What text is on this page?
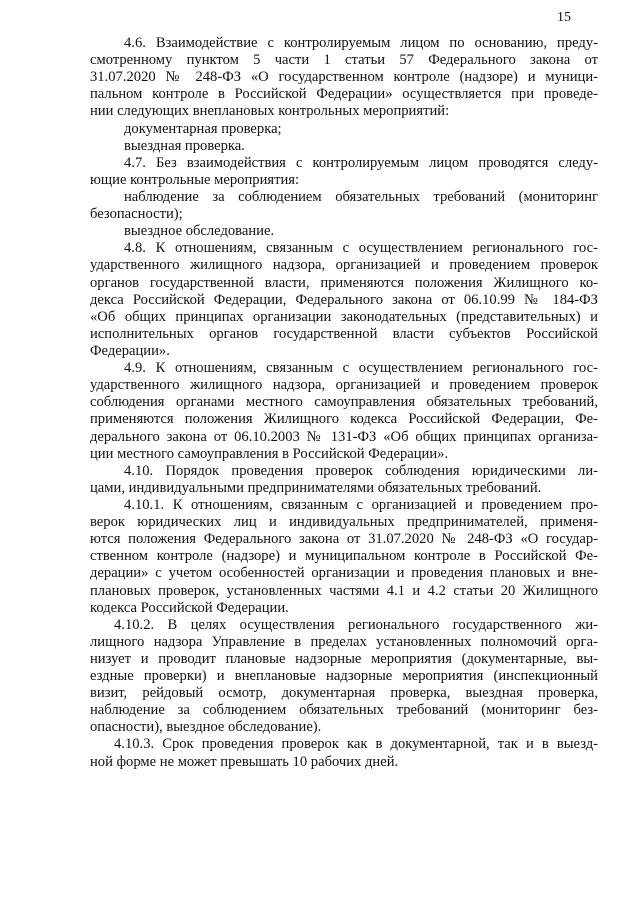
15
4.6. Взаимодействие с контролируемым лицом по основанию, преду-
смотренному пунктом 5 части 1 статьи 57 Федерального закона от
31.07.2020 № 248-ФЗ «О государственном контроле (надзоре) и муници-
пальном контроле в Российской Федерации» осуществляется при проведе-
нии следующих внеплановых контрольных мероприятий:
документарная проверка;
выездная проверка.
4.7. Без взаимодействия с контролируемым лицом проводятся следу-
ющие контрольные мероприятия:
наблюдение за соблюдением обязательных требований (мониторинг
безопасности);
выездное обследование.
4.8. К отношениям, связанным с осуществлением регионального гос-
ударственного жилищного надзора, организацией и проведением проверок
органов государственной власти, применяются положения Жилищного ко-
декса Российской Федерации, Федерального закона от 06.10.99 № 184-ФЗ
«Об общих принципах организации законодательных (представительных) и
исполнительных органов государственной власти субъектов Российской
Федерации».
4.9. К отношениям, связанным с осуществлением регионального гос-
ударственного жилищного надзора, организацией и проведением проверок
соблюдения органами местного самоуправления обязательных требований,
применяются положения Жилищного кодекса Российской Федерации, Фе-
дерального закона от 06.10.2003 № 131-ФЗ «Об общих принципах организа-
ции местного самоуправления в Российской Федерации».
4.10. Порядок проведения проверок соблюдения юридическими ли-
цами, индивидуальными предпринимателями обязательных требований.
4.10.1. К отношениям, связанным с организацией и проведением про-
верок юридических лиц и индивидуальных предпринимателей, применя-
ются положения Федерального закона от 31.07.2020 № 248-ФЗ «О государ-
ственном контроле (надзоре) и муниципальном контроле в Российской Фе-
дерации» с учетом особенностей организации и проведения плановых и вне-
плановых проверок, установленных частями 4.1 и 4.2 статьи 20 Жилищного
кодекса Российской Федерации.
4.10.2. В целях осуществления регионального государственного жи-
лищного надзора Управление в пределах установленных полномочий орга-
низует и проводит плановые надзорные мероприятия (документарные, вы-
ездные проверки) и внеплановые надзорные мероприятия (инспекционный
визит, рейдовый осмотр, документарная проверка, выездная проверка,
наблюдение за соблюдением обязательных требований (мониторинг без-
опасности), выездное обследование).
4.10.3. Срок проведения проверок как в документарной, так и в выезд-
ной форме не может превышать 10 рабочих дней.
